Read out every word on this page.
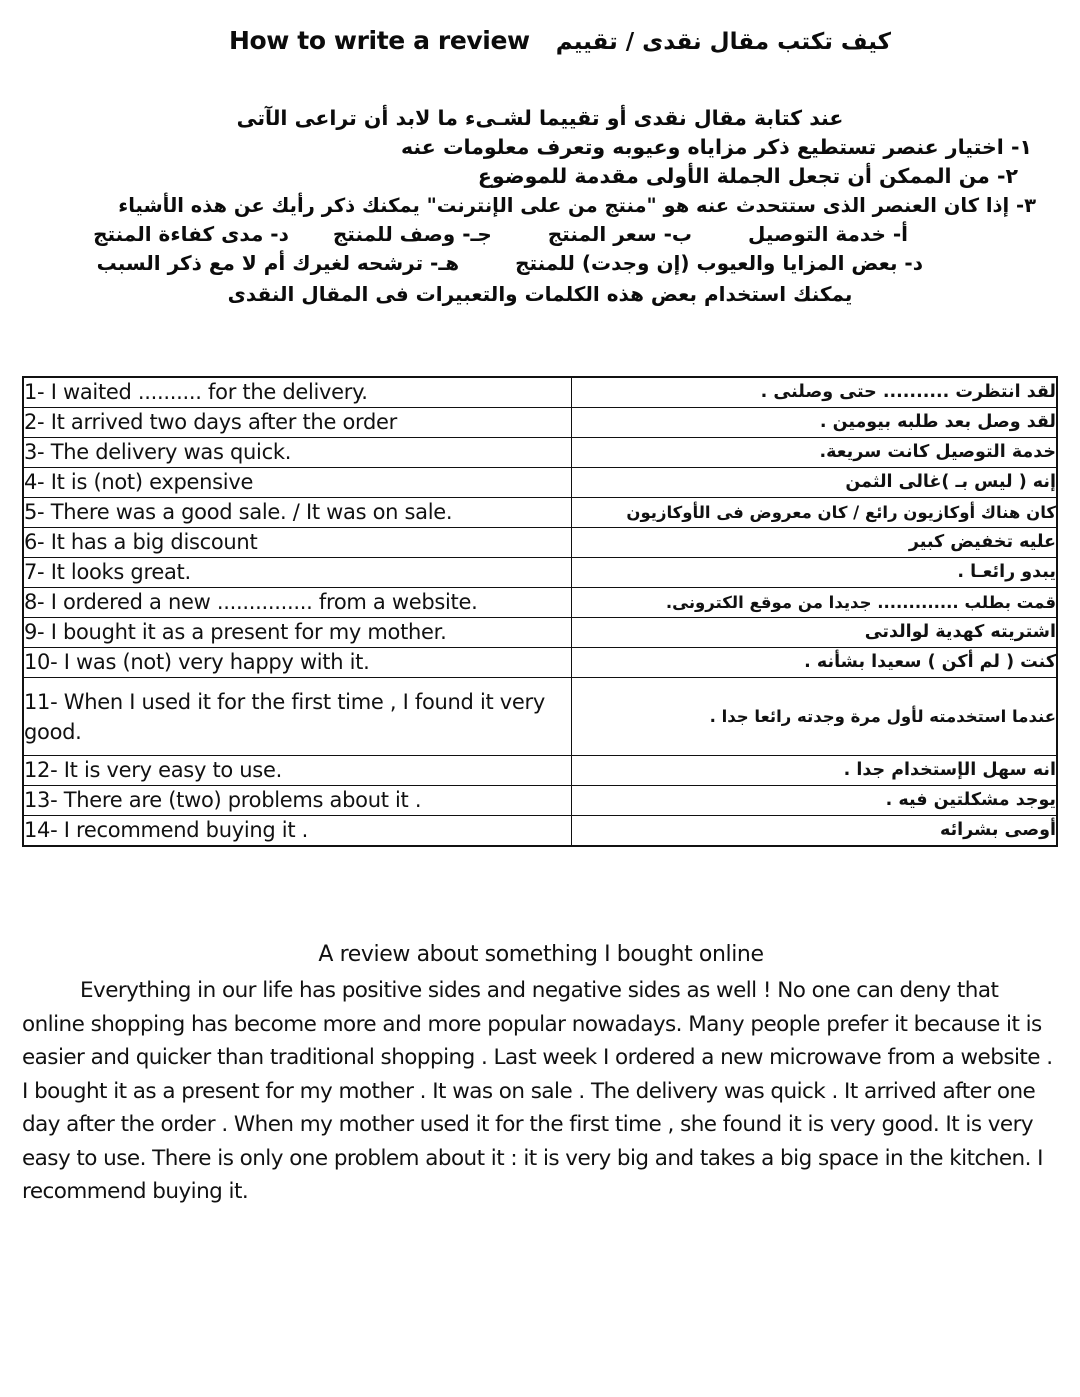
كيف تكتب مقال نقدى / تقييم
How to write a review
عند كتابة مقال نقدى أو تقييما لشـىء ما لابد أن تراعى الآتى
١- اختيار عنصر تستطيع ذكر مزاياه وعيوبه وتعرف معلومات عنه
٢- من الممكن أن تجعل الجملة الأولى مقدمة للموضوع
٣- إذا كان العنصر الذى ستتحدث عنه هو "منتج من على الإنترنت" يمكنك ذكر رأيك عن هذه الأشياء
أ- خدمة التوصيلب- سعر المنتججـ- وصف للمنتجد- مدى كفاءة المنتج
د- بعض المزايا والعيوب (إن وجدت) للمنتجهـ- ترشحه لغيرك أم لا مع ذكر السبب
يمكنك استخدام بعض هذه الكلمات والتعبيرات فى المقال النقدى
1- I waited .......... for the delivery.	لقد انتظرت .......... حتى وصلنى .
2- It arrived two days after the order	لقد وصل بعد طلبه بيومين .
3- The delivery was quick.	خدمة التوصيل كانت سريعة.
4- It is (not) expensive	إنه ( ليس بـ )غالى الثمن
5- There was a good sale. / It was on sale.	كان هناك أوكازيون رائع / كان معروض فى الأوكازيون
6- It has a big discount	عليه تخفيض كبير
7- It looks great.	يبدو رائعـا .
8- I ordered a new ............... from a website.	قمت بطلب ............. جديدا من موقع الكترونى.
9- I bought it as a present for my mother.	اشتريته كهدية لوالدتى
10- I was (not) very happy with it.	كنت ( لم أكن ) سعيدا بشأنه .
11- When I used it for the first time , I found it very good.	عندما استخدمته لأول مرة وجدته رائعا جدا .
12- It is very easy to use.	انه سهل الإستخدام جدا .
13- There are (two) problems about it .	يوجد مشكلتين فيه .
14- I recommend buying it .	أوصى بشرائه
A review about something I bought online
Everything in our life has positive sides and negative sides as well ! No one can deny that online shopping has become more and more popular nowadays. Many people prefer it because it is easier and quicker than traditional shopping . Last week I ordered a new microwave from a website . I bought it as a present for my mother . It was on sale . The delivery was quick . It arrived after one day after the order . When my mother used it for the first time , she found it is very good. It is very easy to use. There is only one problem about it : it is very big and takes a big space in the kitchen. I recommend buying it.
